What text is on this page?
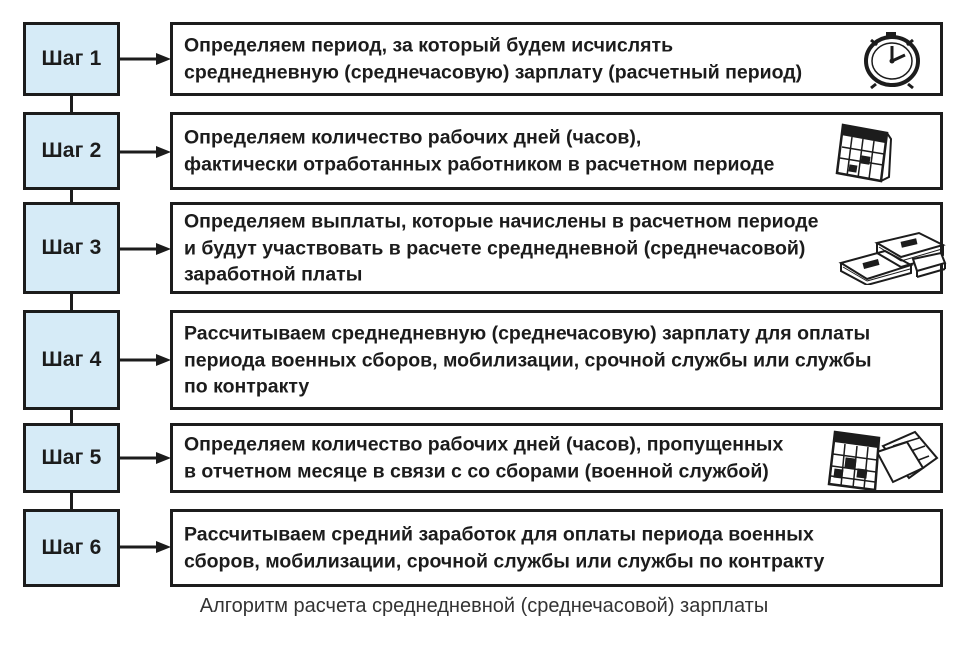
Шаг 1
Определяем период, за который будем исчислять
среднедневную (среднечасовую) зарплату (расчетный период)
Шаг 2
Определяем количество рабочих дней (часов),
фактически отработанных работником в расчетном периоде
Шаг 3
Определяем выплаты, которые начислены в расчетном периоде
и будут участвовать в расчете среднедневной (среднечасовой)
заработной платы
Шаг 4
Рассчитываем среднедневную (среднечасовую) зарплату для оплаты
периода военных сборов, мобилизации, срочной службы или службы
по контракту
Шаг 5
Определяем количество рабочих дней (часов), пропущенных
в отчетном месяце в связи с со сборами (военной службой)
Шаг 6
Рассчитываем средний заработок для оплаты периода военных
сборов, мобилизации, срочной службы или службы по контракту
Алгоритм расчета среднедневной (среднечасовой) зарплаты
